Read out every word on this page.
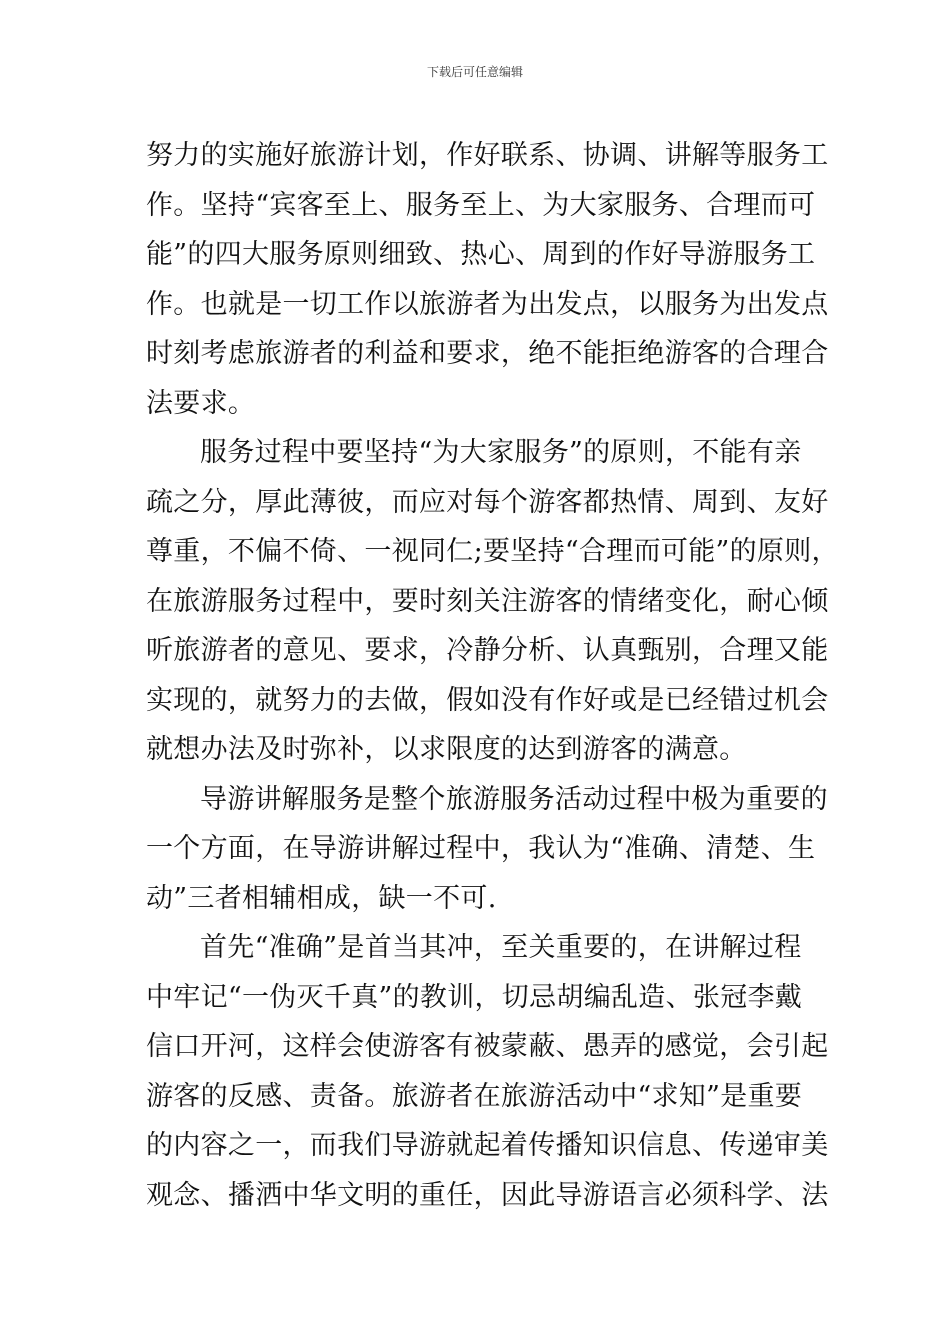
下载后可任意编辑
努力的实施好旅游计划，作好联系、协调、讲解等服务工
作。坚持“宾客至上、服务至上、为大家服务、合理而可
能”的四大服务原则细致、热心、周到的作好导游服务工
作。也就是一切工作以旅游者为出发点，以服务为出发点
时刻考虑旅游者的利益和要求，绝不能拒绝游客的合理合
法要求。
服务过程中要坚持“为大家服务”的原则，不能有亲
疏之分，厚此薄彼，而应对每个游客都热情、周到、友好
尊重，不偏不倚、一视同仁;要坚持“合理而可能”的原则，
在旅游服务过程中，要时刻关注游客的情绪变化，耐心倾
听旅游者的意见、要求，冷静分析、认真甄别，合理又能
实现的，就努力的去做，假如没有作好或是已经错过机会
就想办法及时弥补，以求限度的达到游客的满意。
导游讲解服务是整个旅游服务活动过程中极为重要的
一个方面，在导游讲解过程中，我认为“准确、清楚、生
动”三者相辅相成，缺一不可.
首先“准确”是首当其冲，至关重要的，在讲解过程
中牢记“一伪灭千真”的教训，切忌胡编乱造、张冠李戴
信口开河，这样会使游客有被蒙蔽、愚弄的感觉，会引起
游客的反感、责备。旅游者在旅游活动中“求知”是重要
的内容之一，而我们导游就起着传播知识信息、传递审美
观念、播洒中华文明的重任，因此导游语言必须科学、法
